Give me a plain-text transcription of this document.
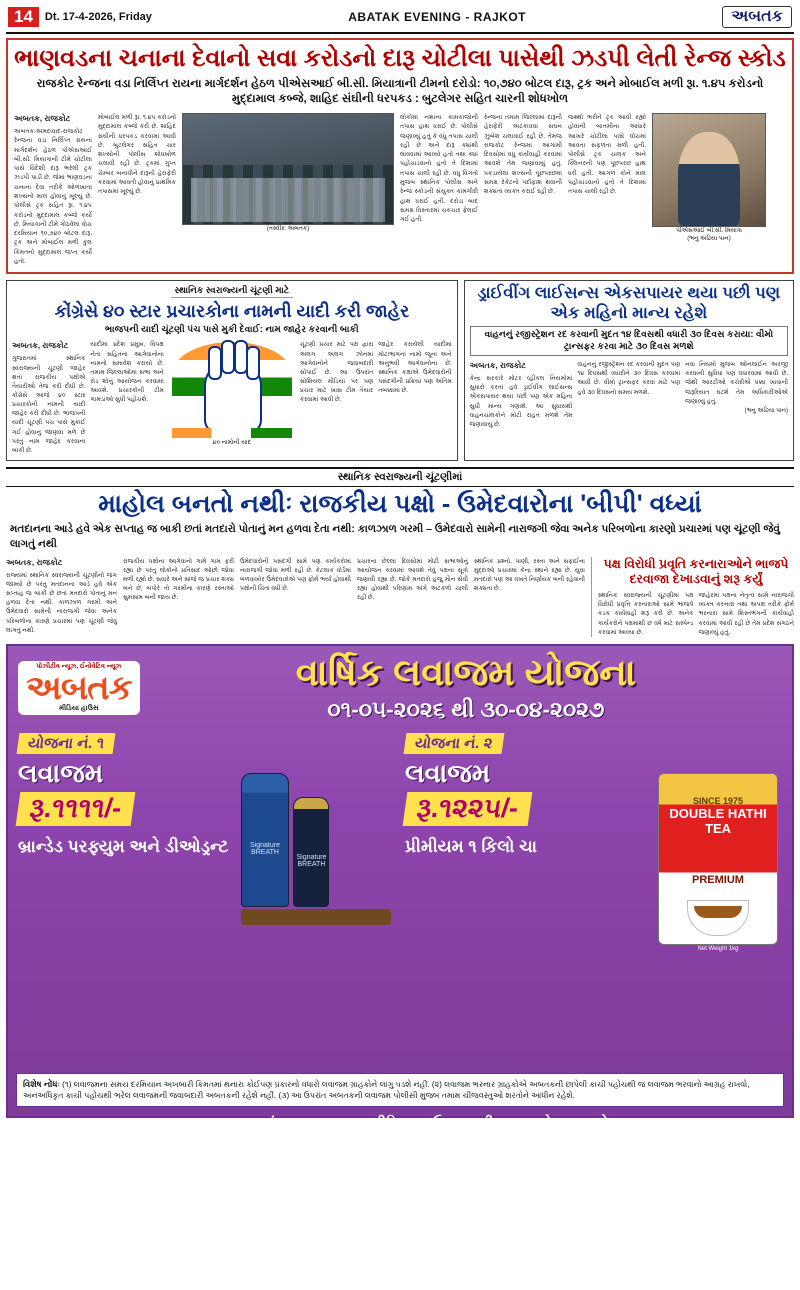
14	Dt. 17-4-2026, Friday	ABATAK EVENING - RAJKOT	અબતક
ભાણવડના ચનાના દેવાનો સવા કરોડનો દારૂ ચોટીલા પાસેથી ઝડપી લેતી રેન્જ સ્કોડ
રાજકોટ રેન્જના વડા નિર્લિપ્ત રાયના માર્ગદર્શન હેઠળ પીએસઆઈ બી.સી. મિયાત્રાની ટીમનો દરોડો: ૧૦,૭૪૦ બોટલ દારૂ, ટ્રક અને મોબાઈલ મળી રૂા. ૧.૪૫ કરોડનો મુદ્દામાલ કબ્જે, શાહિદ સંઘીની ધરપકડ : બુટલેગર સહિત ચારની શોધખોળ
અબતક, રાજકોટ
અબતક-અમદાવાદ-રાજકોટ રેન્જના વડા નિર્લિપ્ત રાયના માર્ગદર્શન હેઠળ પીએસઆઈ બી.સી. મિયાત્રાની ટીમે ચોટીલા પાસે વિદેશી દારૂ ભરેલી ટ્રક ઝડપી પાડી છે. જેમાં ભાણવડના ચનાના દેવા તરીકે ઓળખાતા શખ્સનો માલ હોવાનું ખૂલ્યું છે. પોલીસે ટ્રક સહિત રૂા. ૧.૪૫ કરોડનો મુદ્દામાલ કબ્જે કર્યો છે. મિયાત્રાની ટીમે ગોઠવેલા વોચ દરમિયાન ૧૦,૭૪૦ બોટલ દારૂ, ટ્રક અને મોબાઈલ મળી કુલ કિંમતનો મુદ્દામાલ જપ્ત કર્યો હતો.
મોબાઈલ મળી રૂા. ૧.૪૫ કરોડનો મુદ્દામાલ કબ્જે કરી છે. શાહિદ સંઘીની ધરપકડ કરવામાં આવી છે. બુટલેગર સહિત ચાર શખ્સોની પોલીસ શોધખોળ ચલાવી રહી છે. ટ્રકમાં ગુપ્ત ચેમ્બર બનાવીને દારૂની હેરાફેરી કરવામાં આવતી હોવાનું પ્રાથમિક તપાસમાં ખૂલ્યું છે.
(તસ્વીર: અબતક)
લોકોમાં નશાના કામકાજોની તપાસ હાથ ધરાઈ છે. પોલીસે જણાવ્યું હતું કે વધુ તપાસ ચાલી રહી છે અને દારૂ ક્યાંથી લાવવામાં આવ્યો હતો તથા ક્યાં પહોંચાડવાનો હતો તે દિશામાં તપાસ ચાલી રહી છે. વધુ વિગતો મુજબ સ્થાનિક પોલીસ અને રેન્જ સ્કોડની સંયુક્ત કામગીરી હાથ ધરાઈ હતી. દરોડા બાદ સમગ્ર વિસ્તારમાં ચકચાર ફેલાઈ ગઈ હતી.
રેન્જના તમામ જિલ્લામાં દારૂની હેરાફેરી અટકાવવા સઘન ઝુંબેશ ચલાવાઈ રહી છે. તેમજ રાજકોટ રેન્જમાં આગામી દિવસોમાં વધુ કાર્યવાહી કરવામાં આવશે તેમ જણાવાયું હતું. પકડાયેલા શખ્સની પૂછપરછમાં સમગ્ર રેકેટનો પર્દાફાશ થવાની શક્યતા વ્યક્ત કરાઈ રહી છે.
જથ્થો ભરીને ટ્રક આવી રહ્યો હોવાની બાતમીના આધારે આખરે ચોટીલા પાસે વોચમાં આવતા સફળતા મળી હતી. પોલીસે ટ્રક ચાલક અને ક્લિનરની પણ પૂછપરછ હાથ ધરી હતી. આગળ કોને માલ પહોંચાડવાનો હતો તે દિશામાં તપાસ ચાલી રહી છે.
પીએસઆઈ બી.સી. મિયાત્રા
(ભનુ અઢિયા પાન)
સ્થાનિક સ્વરાજ્યની ચૂંટણી માટે
કોંગ્રેસે ૪૦ સ્ટાર પ્રચારકોના નામની યાદી કરી જાહેર
ભાજપની યાદી ચૂંટણી પંચ પાસે મુકી દેવાઈ: નામ જાહેર કરવાની બાકી
અબતક, રાજકોટ
ગુજરાતમાં સ્થાનિક સ્વરાજ્યની ચૂંટણી જાહેર થતાં રાજકીય પક્ષોએ તૈયારીઓ તેજ કરી દીધી છે. કોંગ્રેસે આજે ૪૦ સ્ટાર પ્રચારકોની નામની યાદી જાહેર કરી દીધી છે. ભાજપની યાદી ચૂંટણી પંચ પાસે મુકાઈ ગઈ હોવાનું જાણવા મળે છે પરંતુ નામ જાહેર કરવાના બાકી છે.
યાદીમાં પ્રદેશ પ્રમુખ, વિપક્ષ નેતા સહિતના આગેવાનોના નામનો સમાવેશ કરાયો છે. તમામ જિલ્લાઓમાં સભા અને રોડ શોનું આયોજન કરવામાં આવશે. પ્રચારકોની ટીમ ગામડાઓ સુધી પહોંચશે.
૪૦ નામોની યાદ
ચૂંટણી પ્રચાર માટે પક્ષ દ્વારા અલગ અલગ ઝોનમાં આગેવાનોને જવાબદારી સોંપાઈ છે. આ ઉપરાંત સોશિયલ મીડિયા પર પણ પ્રચાર માટે ખાસ ટીમ તૈયાર કરવામાં આવી છે.
જાહેર કરાયેલી યાદીમાં મોટાભાગના નામો જૂના અને અનુભવી આગેવાનોના છે. સ્થાનિક કક્ષાએ ઉમેદવારોની પસંદગીની પ્રક્રિયા પણ અંતિમ તબક્કામાં છે.
ડ્રાઈવીંગ લાઈસન્સ એકસપાયર થયા પછી પણ એક મહિનો માન્ય રહેશે
વાહનનું રજીસ્ટ્રેશન રદ કરવાની મુદત ૧૪ દિવસથી વધારી ૩૦ દિવસ કરાયા: વીમો ટ્રાન્સફર કરવા માટે ૩૦ દિવસ મળશે
અબતક, રાજકોટ
કેન્દ્ર સરકારે મોટર વ્હીકલ નિયમોમાં સુધારો કરતાં હવે ડ્રાઈવીંગ લાઈસન્સ એકસપાયર થયા પછી પણ એક મહિના સુધી માન્ય ગણાશે. આ સુધારાથી વાહનચાલકોને મોટી રાહત મળશે તેમ જણાવાયું છે.
વાહનનું રજીસ્ટ્રેશન રદ કરવાની મુદત પણ ૧૪ દિવસથી વધારીને ૩૦ દિવસ કરવામાં આવી છે. વીમો ટ્રાન્સફર કરવા માટે પણ હવે ૩૦ દિવસનો સમય મળશે.
નવા નિયમો મુજબ ઓનલાઈન અરજી કરવાની સુવિધા પણ વધારવામાં આવી છે. જેથી આરટીઓ કચેરીએ ધક્કા ખાવાની જરૂરિયાત ઘટશે તેમ અધિકારીઓએ જણાવ્યું હતું.
(ભનુ અઢિયા પાન)
સ્થાનિક સ્વરાજ્યની ચૂંટણીમાં
માહોલ બનતો નથીઃ રાજકીય પક્ષો - ઉમેદવારોના 'બીપી' વધ્યાં
મતદાનના આડે હવે એક સપ્તાહ જ બાકી છતાં મતદારો પોતાનું મન હળવા દેતા નથી: કાળઝાળ ગરમી – ઉમેદવારો સામેની નારાજગી જેવા અનેક પરિબળોના કારણો પ્રચારમાં પણ ચૂંટણી જેવું લાગતું નથી
અબતક, રાજકોટ
રાજ્યમાં સ્થાનિક સ્વરાજ્યની ચૂંટણીનો જંગ જામ્યો છે પરંતુ મતદાનના આડે હવે એક સપ્તાહ જ બાકી છે છતાં મતદારો પોતાનું મન હળવા દેતા નથી. કાળઝાળ ગરમી અને ઉમેદવારો સામેની નારાજગી જેવા અનેક પરિબળોના કારણે પ્રચારમાં પણ ચૂંટણી જેવું લાગતું નથી.
રાજકીય પક્ષોના આગેવાનો ગામે ગામ ફરી રહ્યા છે પરંતુ લોકોનો પ્રતિસાદ ઓછો જોવા મળી રહ્યો છે. સવારે અને સાંજે જ પ્રચાર શક્ય બને છે, બપોરે તો ગરમીના કારણે રસ્તાઓ સુમસામ બની જાય છે.
ઉમેદવારોની પસંદગી સામે પણ કાર્યકરોમાં નારાજગી જોવા મળી રહી છે. કેટલાક વોર્ડમાં બળવાખોર ઉમેદવારોએ પણ ફોર્મ ભર્યા હોવાથી પક્ષોની ચિંતા વધી છે.
પ્રચારના છેલ્લા દિવસોમાં મોટી સભાઓનું આયોજન કરવામાં આવશે તેવું પક્ષના સૂત્રો જણાવી રહ્યા છે. જોકે મતદારો હજુ મૌન સેવી રહ્યા હોવાથી પરિણામ અંગે અટકળો ચાલી રહી છે.
સ્થાનિક પ્રશ્નો, પાણી, રસ્તા અને સફાઈના મુદ્દાઓ પ્રચારમાં કેન્દ્ર સ્થાને રહ્યા છે. યુવા મતદારો પણ આ વખતે નિર્ણાયક બની રહેવાની શક્યતા છે.
પક્ષ વિરોધી પ્રવૃતિ કરનારાઓને ભાજપે દરવાજા દેખાડવાનું શરૂ કર્યું
સ્થાનિક સ્વરાજ્યની ચૂંટણીમાં પક્ષ વિરોધી પ્રવૃત્તિ કરનારાઓ સામે ભાજપે કડક કાર્યવાહી શરૂ કરી છે. અનેક કાર્યકરોને પક્ષમાંથી છ વર્ષ માટે સસ્પેન્ડ કરવામાં આવ્યા છે.
જાહેરમાં પક્ષના નેતૃત્વ સામે નારાજગી વ્યક્ત કરનારા તથા અપક્ષ તરીકે ફોર્મ ભરનારા સામે શિસ્તભંગની કાર્યવાહી કરવામાં આવી રહી છે તેમ પ્રદેશ સંગઠને જણાવ્યું હતું.
પોઝીટીવ ન્યૂઝ, ઈનોવેટિવ ન્યૂઝ
અબતક
મીડિયા હાઉસ
વાર્ષિક લવાજમ યોજના
૦૧-૦૫-૨૦૨૬ થી ૩૦-૦૪-૨૦૨૭
યોજના નં. ૧
લવાજમ
રૂ.૧૧૧૧/-
બ્રાન્ડેડ પરફ્યુમ અને ડીઓડ્રન્ટ	Signature BREATH

Signature BREATH
યોજના નં. ૨
લવાજમ
રૂ.૧૨૨૫/-
પ્રીમીયમ ૧ કિલો ચા
SINCE 1975
DOUBLE HATHI
TEA
PREMIUM
Net Weight 1kg
વિશેષ નોંધઃ (૧) લવાજમના સમય દરમિયાન અખબારી કિંમતમાં થનારા કોઈપણ પ્રકારનો વધારો લવાજમ ગ્રાહકોને લાગુ પડશે નહીં. (૨) લવાજમ ભરનાર ગ્રાહકોએ અબતકની છાપેલી કાચી પહોંચથી જ લવાજમ ભરવાનો આગ્રહ રાખવો, અનઅધિકૃત કાચી પહોંચથી ભરેલ લવાજમની જવાબદારી અબતકની રહેશે નહીં. (૩) આ ઉપરાંત અબતકની લવાજમ પોલીસી મુજબ તમામ ચીજવસ્તુઓ શરતોને આધીન રહેશે.
લવાજમ ભરવાનું સ્થળઃ અબતક મીડિયા હાઉસ, રાષ્ટ્રીયશાળા રોડ, રાજકોટ.
આજે જ સંપર્ક કરો : MO:- +91 70481 30001, 0281- 2461234
